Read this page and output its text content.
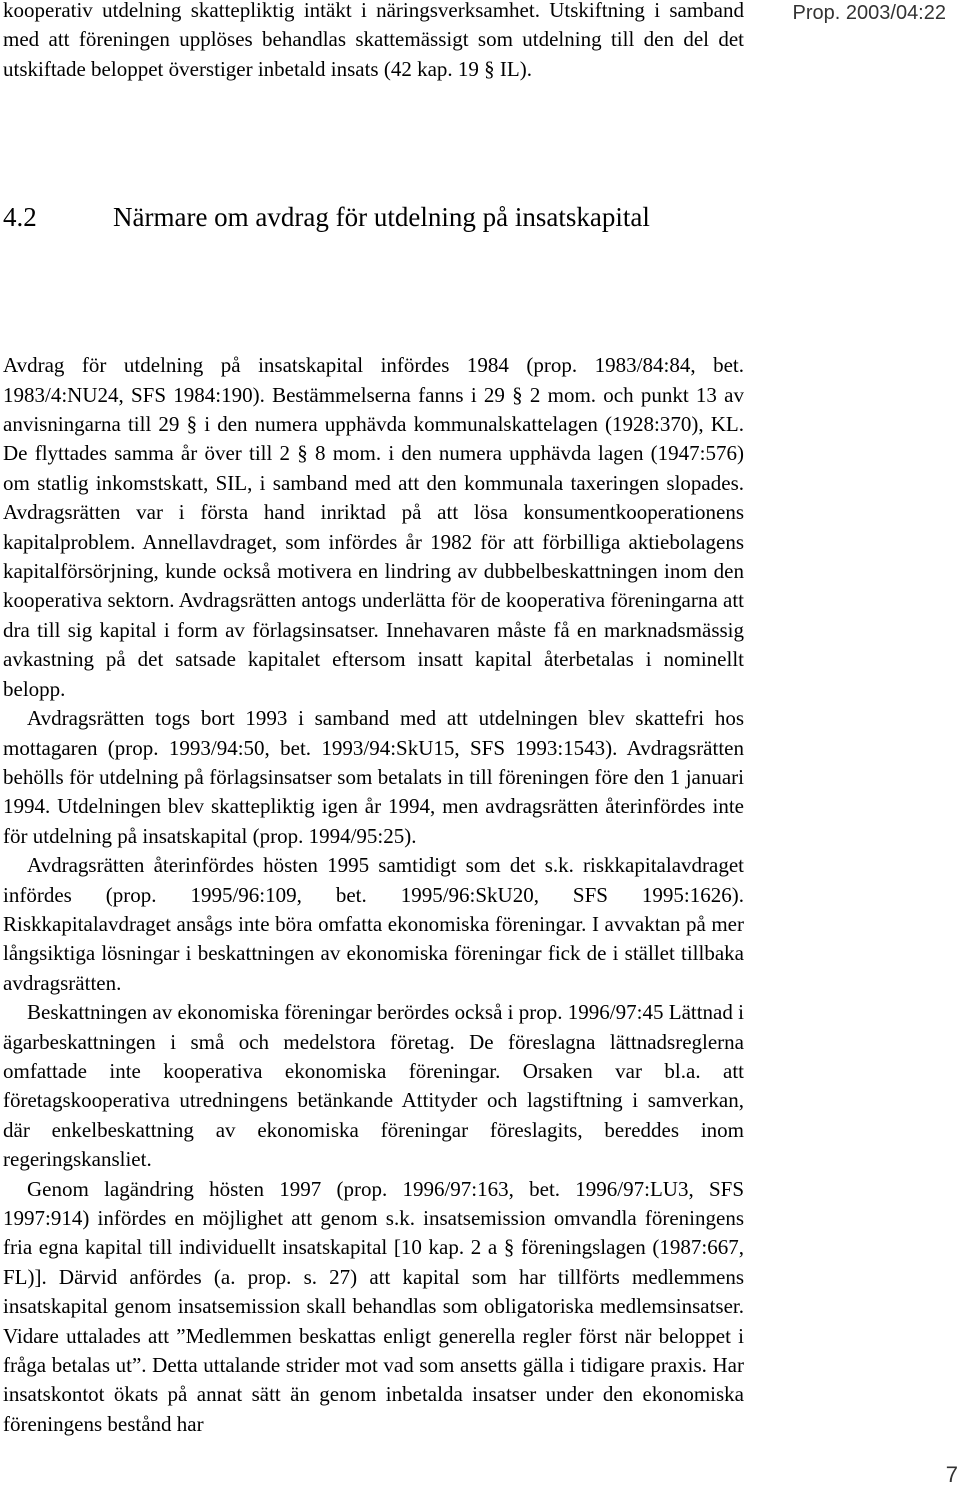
Prop. 2003/04:22
4.2	Närmare om avdrag för utdelning på insatskapital

kooperativ utdelning skattepliktig intäkt i näringsverksamhet. Utskiftning i samband med att föreningen upplöses behandlas skattemässigt som utdelning till den del det utskiftade beloppet överstiger inbetald insats (42 kap. 19 § IL).

Avdrag för utdelning på insatskapital infördes 1984 (prop. 1983/84:84, bet. 1983/4:NU24, SFS 1984:190). Bestämmelserna fanns i 29 § 2 mom. och punkt 13 av anvisningarna till 29 § i den numera upphävda kommunalskattelagen (1928:370), KL. De flyttades samma år över till 2 § 8 mom. i den numera upphävda lagen (1947:576) om statlig inkomstskatt, SIL, i samband med att den kommunala taxeringen slopades. Avdragsrätten var i första hand inriktad på att lösa konsumentkooperationens kapitalproblem. Annellavdraget, som infördes år 1982 för att förbilliga aktiebolagens kapitalförsörjning, kunde också motivera en lindring av dubbelbeskattningen inom den kooperativa sektorn. Avdragsrätten antogs underlätta för de kooperativa föreningarna att dra till sig kapital i form av förlagsinsatser. Innehavaren måste få en marknadsmässig avkastning på det satsade kapitalet eftersom insatt kapital återbetalas i nominellt belopp.

Avdragsrätten togs bort 1993 i samband med att utdelningen blev skattefri hos mottagaren (prop. 1993/94:50, bet. 1993/94:SkU15, SFS 1993:1543). Avdragsrätten behölls för utdelning på förlagsinsatser som betalats in till föreningen före den 1 januari 1994. Utdelningen blev skattepliktig igen år 1994, men avdragsrätten återinfördes inte för utdelning på insatskapital (prop. 1994/95:25).

Avdragsrätten återinfördes hösten 1995 samtidigt som det s.k. riskkapitalavdraget infördes (prop. 1995/96:109, bet. 1995/96:SkU20, SFS 1995:1626). Riskkapitalavdraget ansågs inte böra omfatta ekonomiska föreningar. I avvaktan på mer långsiktiga lösningar i beskattningen av ekonomiska föreningar fick de i stället tillbaka avdragsrätten.

Beskattningen av ekonomiska föreningar berördes också i prop. 1996/97:45 Lättnad i ägarbeskattningen i små och medelstora företag. De föreslagna lättnadsreglerna omfattade inte kooperativa ekonomiska föreningar. Orsaken var bl.a. att företagskooperativa utredningens betänkande Attityder och lagstiftning i samverkan, där enkelbeskattning av ekonomiska föreningar föreslagits, bereddes inom regeringskansliet.

Genom lagändring hösten 1997 (prop. 1996/97:163, bet. 1996/97:LU3, SFS 1997:914) infördes en möjlighet att genom s.k. insatsemission omvandla föreningens fria egna kapital till individuellt insatskapital [10 kap. 2 a § föreningslagen (1987:667, FL)]. Därvid anfördes (a. prop. s. 27) att kapital som har tillförts medlemmens insatskapital genom insatsemission skall behandlas som obligatoriska medlemsinsatser. Vidare uttalades att ”Medlemmen beskattas enligt generella regler först när beloppet i fråga betalas ut”. Detta uttalande strider mot vad som ansetts gälla i tidigare praxis. Har insatskontot ökats på annat sätt än genom inbetalda insatser under den ekonomiska föreningens bestånd har

7
